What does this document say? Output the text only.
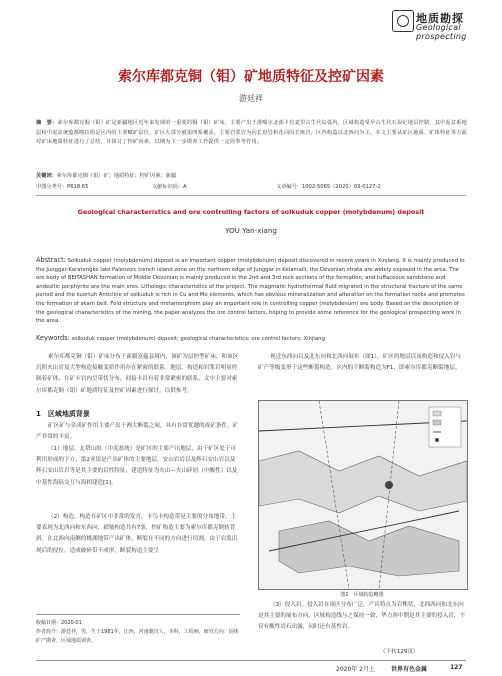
地质勘探
Geological prospecting
索尔库都克铜（钼）矿地质特征及控矿因素
游廷祥
摘　要：索尔库都克铜（钼）矿是新疆地区近年来发现的一重要的铜（钼）矿床，主要产出于准噶尔北部卡拉麦里古生代岛弧内，区域构造受早古生代石炭纪地层控制，其中泥盆系地层和中泥盆统蕴都喀拉组是区内的主要赋矿层位，矿区大部分被第四系覆盖，主要岩浆岩为闪长玢岩和花岗闪长斑岩，区内构造以北西向为主。本文主要从矿区地质、矿体特征等方面对矿床地质特征进行了总结，并探讨了控矿因素，以期为下一步勘查工作提供一定的参考作用。
关键词：索尔库都克铜（钼）矿；地质特征；控矿因素；新疆
中图分类号：P618.65	文献标识码：A	文章编号：1002-5065（2020）03-0127-2
Geological characteristics and ore controlling factors of solkuduk copper (molybdenum) deposit
YOU Yan-xiang
Abstract: Solkuduk copper (molybdenum) deposit is an important copper (molybdenum) deposit discovered in recent years in Xinjiang. It is mainly produced in the Junggar-Karatongke late Paleozoic trench island zone on the northern edge of Junggar in Kelamaili, the Devonian strata are widely exposed in the area. The ore body of BEITASHAN formation of Middle Devonian is mainly produced in the 2nd and 3rd rock sections of the formation, and tuffaceous sandstone and andesitic porphyrite are the main ores. Lithologic characteristics of the project. The magmatic hydrothermal fluid migrated in the structural fracture of the same period and the kuortuh Anticline of solkuduk is rich in Cu and Mo elements, which has obvious mineralization and alteration on the formation rocks and promotes the formation of skarn belt. Fold structure and metamorphism play an important role in controlling copper (molybdenum) ore body. Based on the description of the geological characteristics of the mining, the paper analyzes the ore control factors, hoping to provide some reference for the geological prospecting work in the area.
Keywords: solkuduk copper (molybdenum) deposit; geological characteristics; ore control factors; Xinjiang
索尔库都克铜（钼）矿床分布于新疆富蕴县境内，该矿为层控型矿床，和该区沉积火山岩及大型构造接触变质作用存在紧密的联系。地层、构造和岩浆岩明显控制着矿体，在矿卡岩内呈带状分布，间接卡岩有着非常紧密的联系。文中主要对索尔库都克铜（钼）矿地质特征及控矿因素进行探讨，以供参考。
1　区域地质背景
矿区矿与金成矿作用主要产出于两大断裂之间，具有非常优越的成矿条件，矿产非常的丰富。
（1）地层。北塔山组（中泥盆统）是矿区的主要产出地层，由于矿区处于可利用形成的下方，第2亚组是产出矿体的主要地层，安山岩岩以及辉石安山岩以及辉石安山岩岩等是其主要的岩性特征，建造特征为火山—火山碎屑（中酸性）以及中基性海陆交互与海相建造[1]。
（2）构造。构造在矿区中非常的发育，卡乌卡构造带是主要的分布地带，主要表现为北西向和东西向，褶皱构造共有7条，控矿构造主要为索尔库都克倒转背斜。在北西向南侧的桃湖地带产出矿体，断裂在不同的方向进行切割，由于岩浆出现后的侵位，造成破碎带不成形，断裂构造主要呈
现近东西向以及北东向和北西向展布（图1）。矿区的地层以及构造和侵入岩与矿产等级变形于这些断裂构造。区内的主断裂构造为F1，即索尔库都克断裂地层。
图1　区域构造略图
（3）侵入岩。侵入岩在该区分布广泛，产出特点为岩株状，北西西向和北东向是其主要的展布方向，区域构造线与之保持一致，华力西中期是其主要的侵入岩，不仅有酸性岩石出露，同时还有基性岩。
（下转129页）
收稿日期：2020-01
作者简介：游廷祥，男，生于1981年，江西，河南籍汉人，本科，工程师，研究方向：固体矿产勘查，区域地质调查。
2020年 2月上	世界有色金属	127
